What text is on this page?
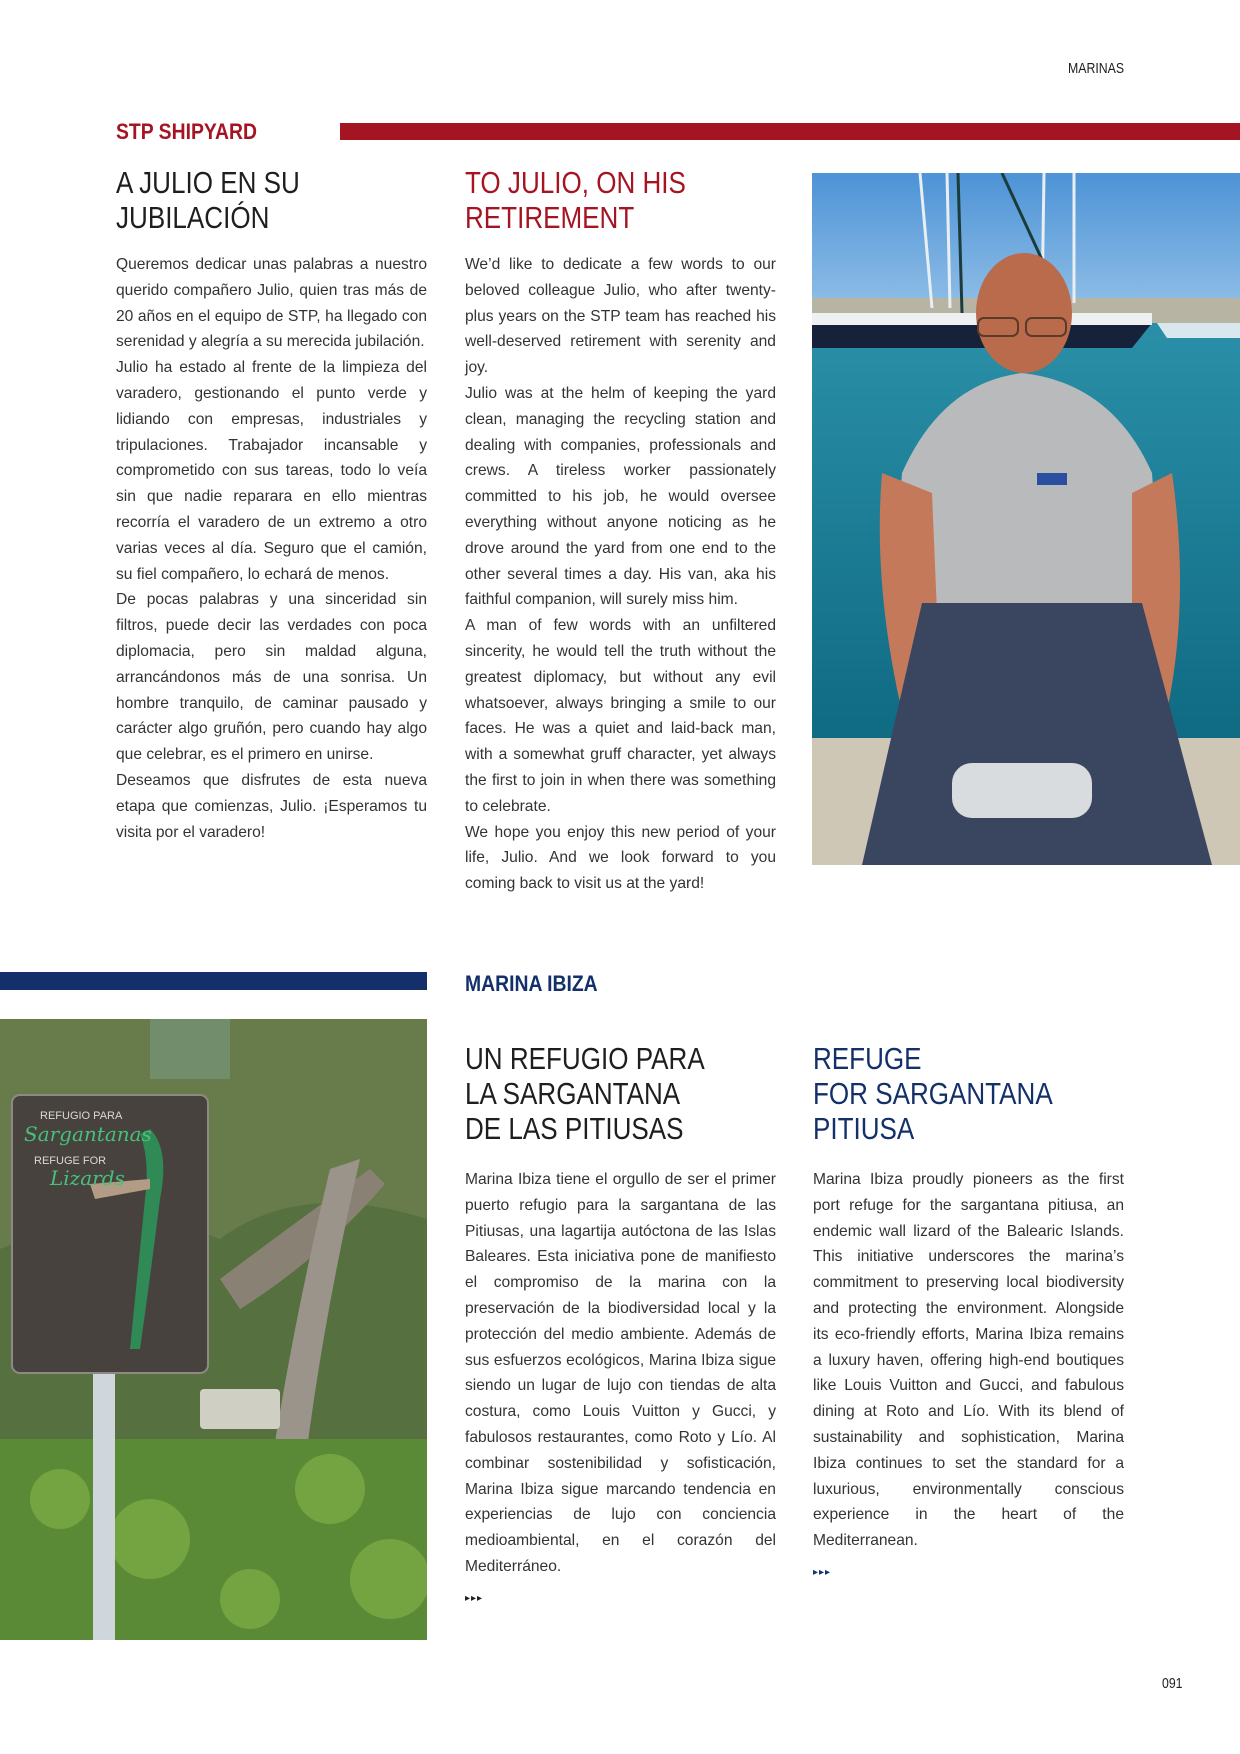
MARINAS
STP SHIPYARD
A JULIO EN SU
JUBILACIÓN
TO JULIO, ON HIS
RETIREMENT

Queremos dedicar unas palabras a nuestro querido compañero Julio, quien tras más de 20 años en el equipo de STP, ha llegado con serenidad y alegría a su merecida jubilación.

Julio ha estado al frente de la limpieza del varadero, gestionando el punto verde y lidiando con empresas, industriales y tripulaciones. Trabajador incansable y comprometido con sus tareas, todo lo veía sin que nadie reparara en ello mientras recorría el varadero de un extremo a otro varias veces al día. Seguro que el camión, su fiel compañero, lo echará de menos.

De pocas palabras y una sinceridad sin filtros, puede decir las verdades con poca diplomacia, pero sin maldad alguna, arrancándonos más de una sonrisa. Un hombre tranquilo, de caminar pausado y carácter algo gruñón, pero cuando hay algo que celebrar, es el primero en unirse.

Deseamos que disfrutes de esta nueva etapa que comienzas, Julio. ¡Esperamos tu visita por el varadero!

We’d like to dedicate a few words to our beloved colleague Julio, who after twenty-plus years on the STP team has reached his well-deserved retirement with serenity and joy.

Julio was at the helm of keeping the yard clean, managing the recycling station and dealing with companies, professionals and crews. A tireless worker passionately committed to his job, he would oversee everything without anyone noticing as he drove around the yard from one end to the other several times a day. His van, aka his faithful companion, will surely miss him.

A man of few words with an unfiltered sincerity, he would tell the truth without the greatest diplomacy, but without any evil whatsoever, always bringing a smile to our faces. He was a quiet and laid-back man, with a somewhat gruff character, yet always the first to join in when there was something to celebrate.

We hope you enjoy this new period of your life, Julio. And we look forward to you coming back to visit us at the yard!

MARINA IBIZA
REFUGIO PARA
Sargantanas
REFUGE FOR
Lizards
UN REFUGIO PARA
LA SARGANTANA
DE LAS PITIUSAS
REFUGE
FOR SARGANTANA
PITIUSA

Marina Ibiza tiene el orgullo de ser el primer puerto refugio para la sargantana de las Pitiusas, una lagartija autóctona de las Islas Baleares. Esta iniciativa pone de manifiesto el compromiso de la marina con la preservación de la biodiversidad local y la protección del medio ambiente. Además de sus esfuerzos ecológicos, Marina Ibiza sigue siendo un lugar de lujo con tiendas de alta costura, como Louis Vuitton y Gucci, y fabulosos restaurantes, como Roto y Lío. Al combinar sostenibilidad y sofisticación, Marina Ibiza sigue marcando tendencia en experiencias de lujo con conciencia medioambiental, en el corazón del Mediterráneo.

▸▸▸

Marina Ibiza proudly pioneers as the first port refuge for the sargantana pitiusa, an endemic wall lizard of the Balearic Islands. This initiative underscores the marina’s commitment to preserving local biodiversity and protecting the environment. Alongside its eco-friendly efforts, Marina Ibiza remains a luxury haven, offering high-end boutiques like Louis Vuitton and Gucci, and fabulous dining at Roto and Lío. With its blend of sustainability and sophistication, Marina Ibiza continues to set the standard for a luxurious, environmentally conscious experience in the heart of the Mediterranean.

▸▸▸
091
